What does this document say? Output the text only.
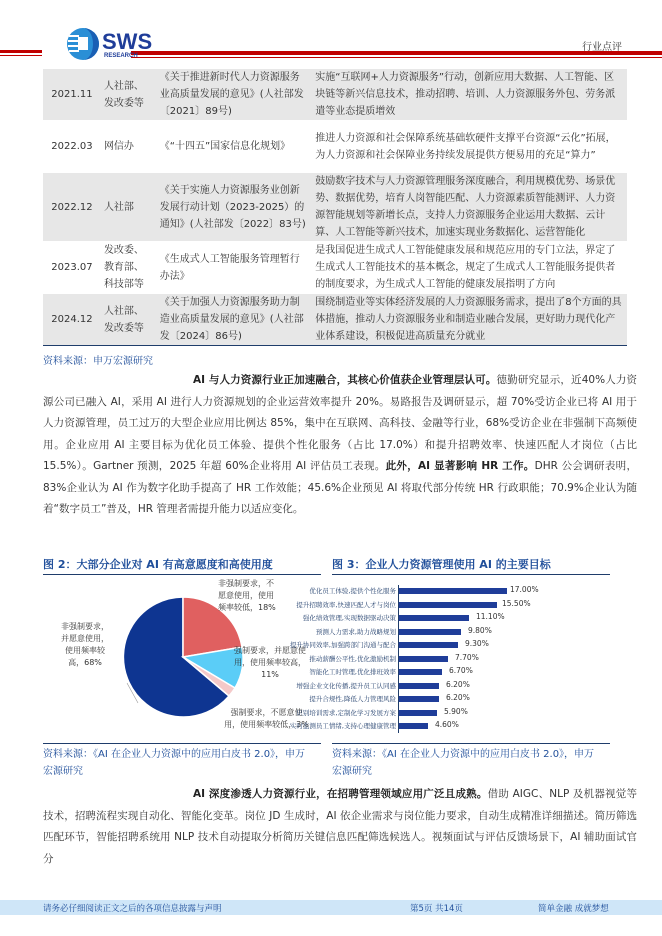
SWS
RESEARCH
行业点评
2021.11	人社部、发改委等	《关于推进新时代人力资源服务业高质量发展的意见》(人社部发〔2021〕89号)	实施“互联网+人力资源服务”行动，创新应用大数据、人工智能、区块链等新兴信息技术，推动招聘、培训、人力资源服务外包、劳务派遣等业态提质增效
2022.03	网信办	《“十四五”国家信息化规划》	推进人力资源和社会保障系统基础软硬件支撑平台资源“云化”拓展，为人力资源和社会保障业务持续发展提供方便易用的充足“算力”
2022.12	人社部	《关于实施人力资源服务业创新发展行动计划（2023-2025）的通知》(人社部发〔2022〕83号)	鼓励数字技术与人力资源管理服务深度融合，利用规模优势、场景优势、数据优势，培育人岗智能匹配、人力资源素质智能测评、人力资源智能规划等新增长点，支持人力资源服务企业运用大数据、云计算、人工智能等新兴技术，加速实现业务数据化、运营智能化
2023.07	发改委、教育部、科技部等	《生成式人工智能服务管理暂行办法》	是我国促进生成式人工智能健康发展和规范应用的专门立法，界定了生成式人工智能技术的基本概念，规定了生成式人工智能服务提供者的制度要求，为生成式人工智能的健康发展指明了方向
2024.12	人社部、发改委等	《关于加强人力资源服务助力制造业高质量发展的意见》(人社部发〔2024〕86号)	围绕制造业等实体经济发展的人力资源服务需求，提出了8个方面的具体措施，推动人力资源服务业和制造业融合发展，更好助力现代化产业体系建设，积极促进高质量充分就业
资料来源：申万宏源研究
AI 与人力资源行业正加速融合，其核心价值获企业管理层认可。德勤研究显示，近40%人力资源公司已融入 AI，采用 AI 进行人力资源规划的企业运营效率提升 20%。易路报告及调研显示，超 70%受访企业已将 AI 用于人力资源管理，员工过万的大型企业应用比例达 85%，集中在互联网、高科技、金融等行业，68%受访企业在非强制下高频使用。企业应用 AI 主要目标为优化员工体验、提供个性化服务（占比 17.0%）和提升招聘效率、快速匹配人才岗位（占比 15.5%）。Gartner 预测，2025 年超 60%企业将用 AI 评估员工表现。此外，AI 显著影响 HR 工作。DHR 公会调研表明，83%企业认为 AI 作为数字化助手提高了 HR 工作效能；45.6%企业预见 AI 将取代部分传统 HR 行政职能；70.9%企业认为随着“数字员工”普及，HR 管理者需提升能力以适应变化。
图 2：大部分企业对 AI 有高意愿度和高使用度
非强制要求，
并愿意使用，
使用频率较
高，68%
非强制要求，不
愿意使用，使用
频率较低，18%
强制要求，并愿意使
用，使用频率较高，
11%
强制要求，不愿意使
用，使用频率较低，3%
资料来源：《AI 在企业人力资源中的应用白皮书 2.0》，申万宏源研究
图 3：企业人力资源管理使用 AI 的主要目标
优化员工体验,提供个性化服务	17.00%
提升招聘效率,快速匹配人才与岗位	15.50%
强化绩效管理,实现数据驱动决策	11.10%
预测人力需求,助力战略规划	9.80%
提升协同效率,加强跨部门沟通与配合	9.30%
推动薪酬公平性,优化激励机制	7.70%
智能化工时管理,优化排班效率	6.70%
增强企业文化传播,提升员工认同感	6.20%
提升合规性,降低人力管理风险	6.20%
识别培训需求,定制化学习发展方案	5.90%
实时监测员工情绪,支持心理健康管理	4.60%
资料来源：《AI 在企业人力资源中的应用白皮书 2.0》，申万宏源研究
AI 深度渗透人力资源行业，在招聘管理领域应用广泛且成熟。借助 AIGC、NLP 及机器视觉等技术，招聘流程实现自动化、智能化变革。岗位 JD 生成时，AI 依企业需求与岗位能力要求，自动生成精准详细描述。简历筛选匹配环节，智能招聘系统用 NLP 技术自动提取分析简历关键信息匹配筛选候选人。视频面试与评估反馈场景下，AI 辅助面试官分
请务必仔细阅读正文之后的各项信息披露与声明	第5页 共14页	简单金融 成就梦想
